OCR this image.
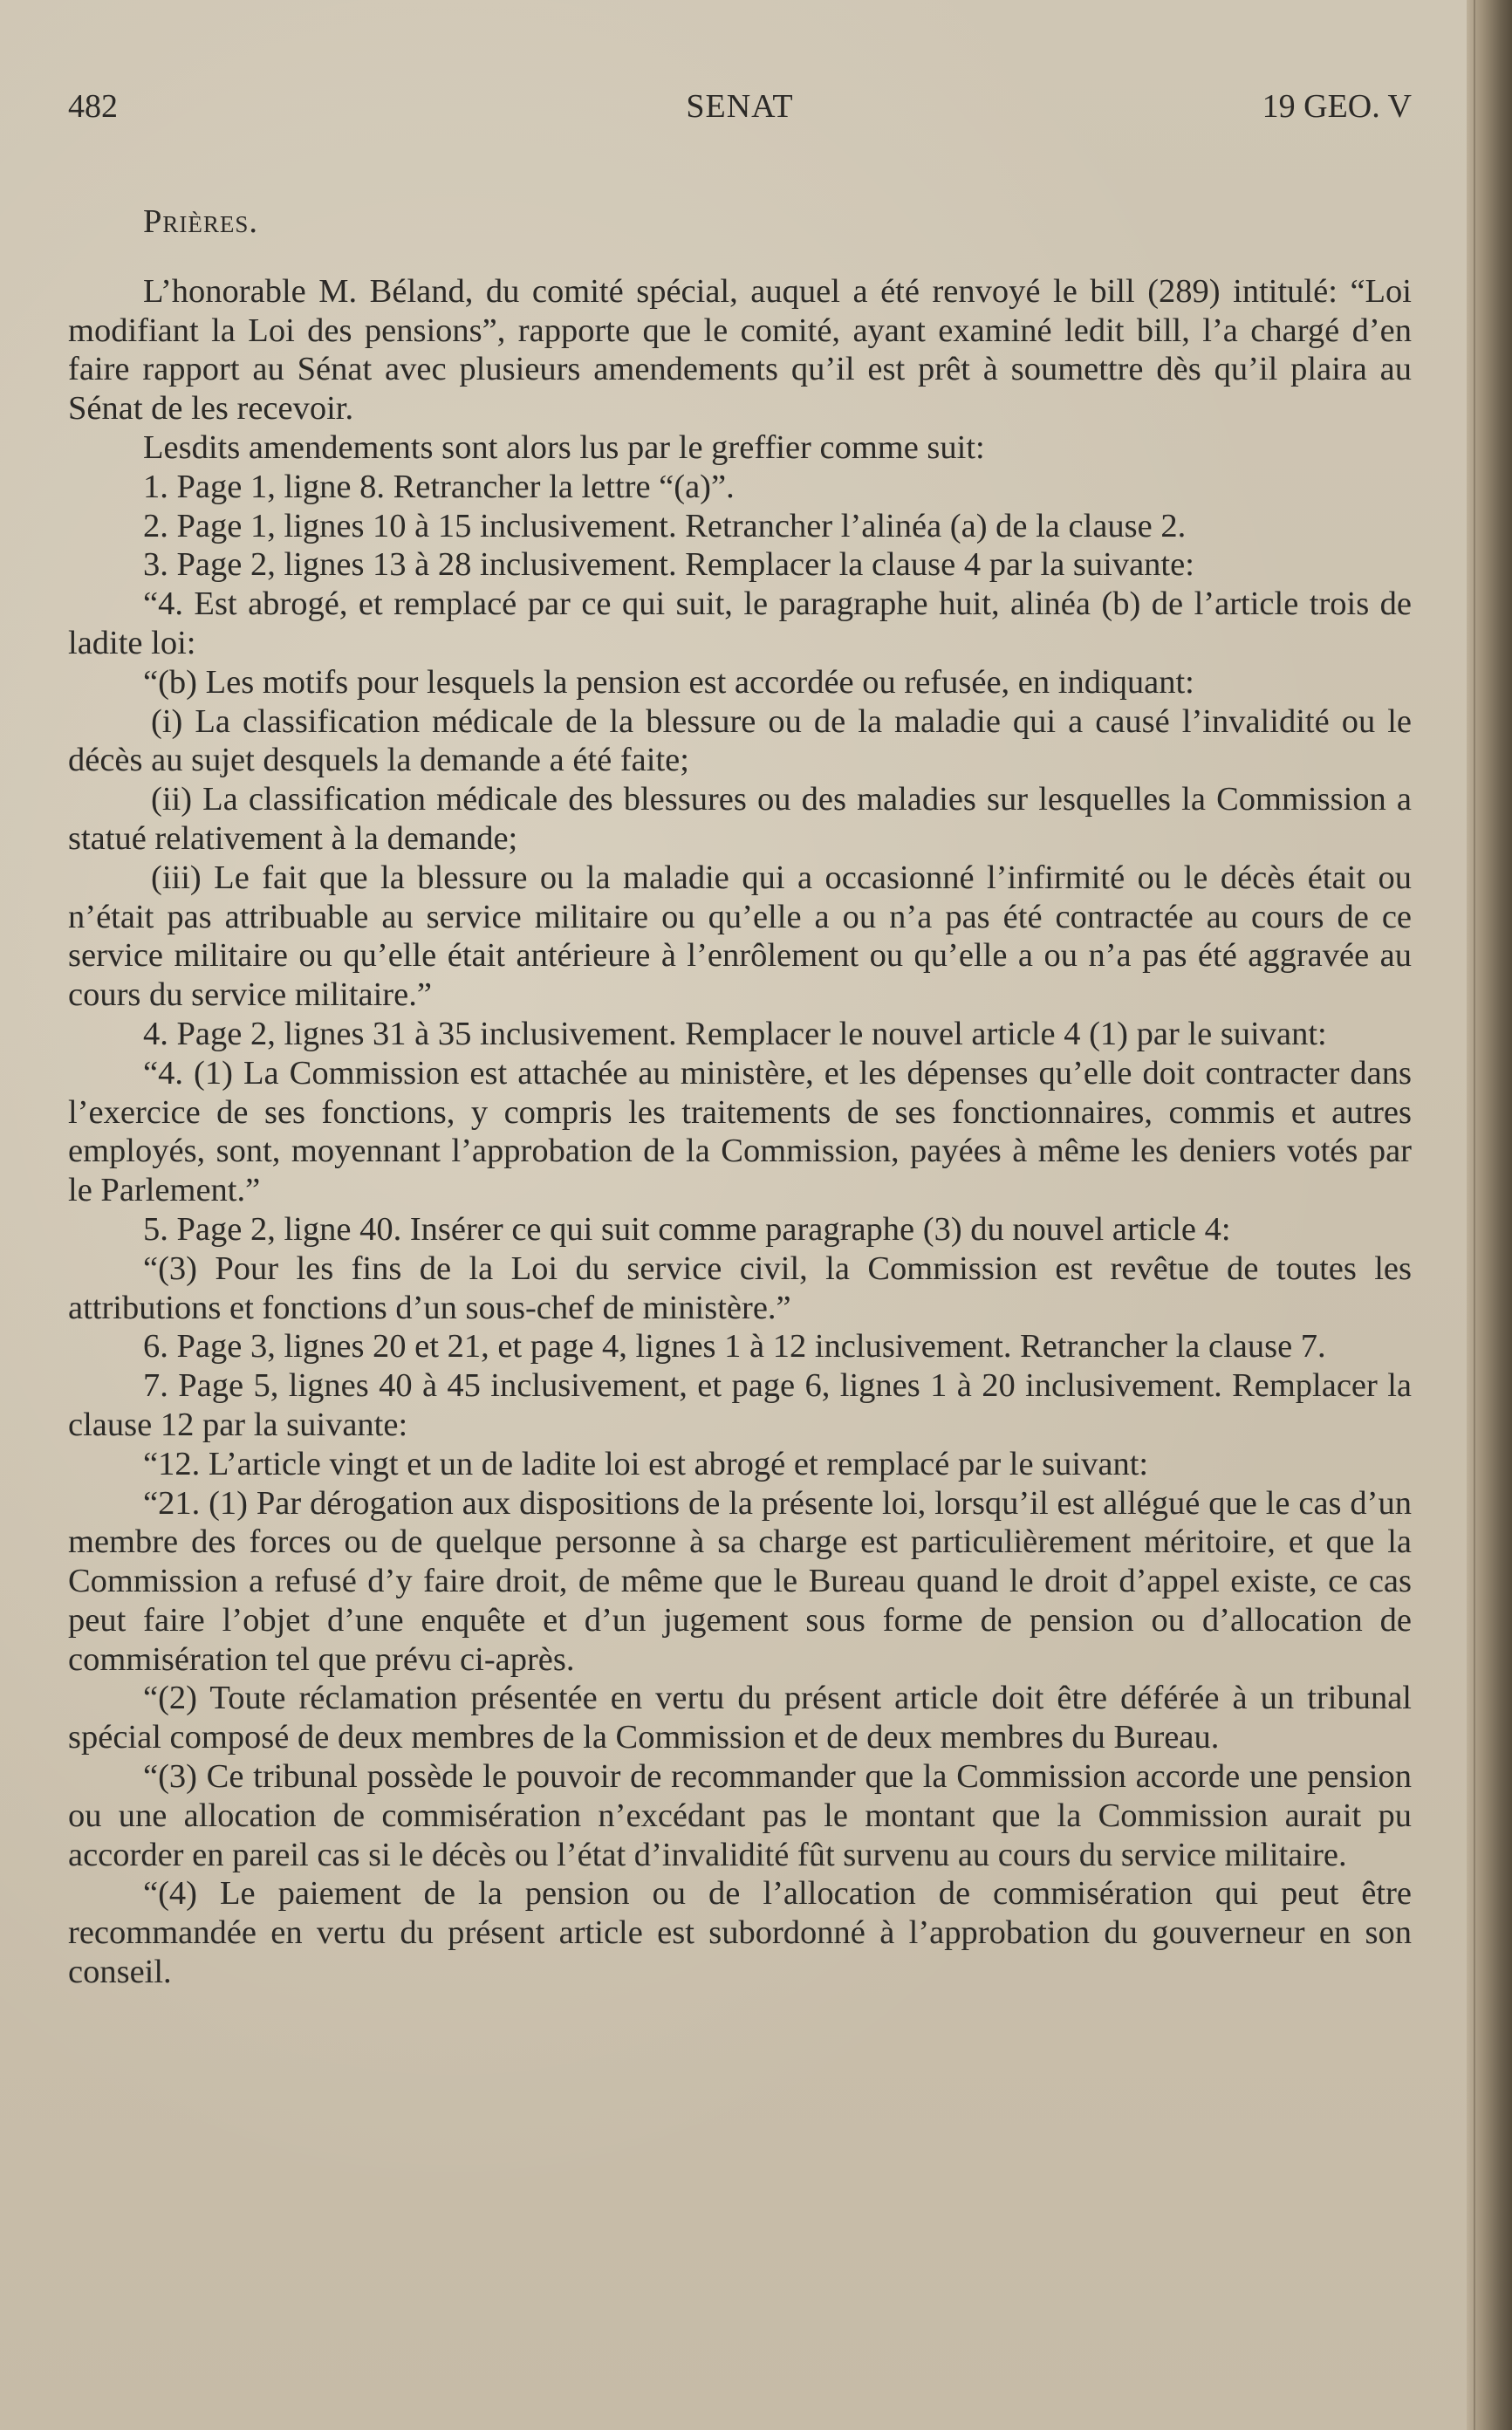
482	SENAT	19 GEO. V
Prières.

L’honorable M. Béland, du comité spécial, auquel a été renvoyé le bill (289) intitulé: “Loi modifiant la Loi des pensions”, rapporte que le comité, ayant examiné ledit bill, l’a chargé d’en faire rapport au Sénat avec plusieurs amendements qu’il est prêt à soumettre dès qu’il plaira au Sénat de les recevoir.

Lesdits amendements sont alors lus par le greffier comme suit:

1. Page 1, ligne 8. Retrancher la lettre “(a)”.

2. Page 1, lignes 10 à 15 inclusivement. Retrancher l’alinéa (a) de la clause 2.

3. Page 2, lignes 13 à 28 inclusivement. Remplacer la clause 4 par la suivante:

“4. Est abrogé, et remplacé par ce qui suit, le paragraphe huit, alinéa (b) de l’article trois de ladite loi:

“(b) Les motifs pour lesquels la pension est accordée ou refusée, en indiquant:

(i) La classification médicale de la blessure ou de la maladie qui a causé l’invalidité ou le décès au sujet desquels la demande a été faite;

(ii) La classification médicale des blessures ou des maladies sur lesquelles la Commission a statué relativement à la demande;

(iii) Le fait que la blessure ou la maladie qui a occasionné l’infirmité ou le décès était ou n’était pas attribuable au service militaire ou qu’elle a ou n’a pas été contractée au cours de ce service militaire ou qu’elle était antérieure à l’enrôlement ou qu’elle a ou n’a pas été aggravée au cours du service militaire.”

4. Page 2, lignes 31 à 35 inclusivement. Remplacer le nouvel article 4 (1) par le suivant:

“4. (1) La Commission est attachée au ministère, et les dépenses qu’elle doit contracter dans l’exercice de ses fonctions, y compris les traitements de ses fonctionnaires, commis et autres employés, sont, moyennant l’approbation de la Commission, payées à même les deniers votés par le Parlement.”

5. Page 2, ligne 40. Insérer ce qui suit comme paragraphe (3) du nouvel article 4:

“(3) Pour les fins de la Loi du service civil, la Commission est revêtue de toutes les attributions et fonctions d’un sous-chef de ministère.”

6. Page 3, lignes 20 et 21, et page 4, lignes 1 à 12 inclusivement. Retrancher la clause 7.

7. Page 5, lignes 40 à 45 inclusivement, et page 6, lignes 1 à 20 inclusivement. Remplacer la clause 12 par la suivante:

“12. L’article vingt et un de ladite loi est abrogé et remplacé par le suivant:

“21. (1) Par dérogation aux dispositions de la présente loi, lorsqu’il est allégué que le cas d’un membre des forces ou de quelque personne à sa charge est particulièrement méritoire, et que la Commission a refusé d’y faire droit, de même que le Bureau quand le droit d’appel existe, ce cas peut faire l’objet d’une enquête et d’un jugement sous forme de pension ou d’allocation de commisération tel que prévu ci-après.

“(2) Toute réclamation présentée en vertu du présent article doit être déférée à un tribunal spécial composé de deux membres de la Commission et de deux membres du Bureau.

“(3) Ce tribunal possède le pouvoir de recommander que la Commission accorde une pension ou une allocation de commisération n’excédant pas le montant que la Commission aurait pu accorder en pareil cas si le décès ou l’état d’invalidité fût survenu au cours du service militaire.

“(4) Le paiement de la pension ou de l’allocation de commisération qui peut être recommandée en vertu du présent article est subordonné à l’approbation du gouverneur en son conseil.
